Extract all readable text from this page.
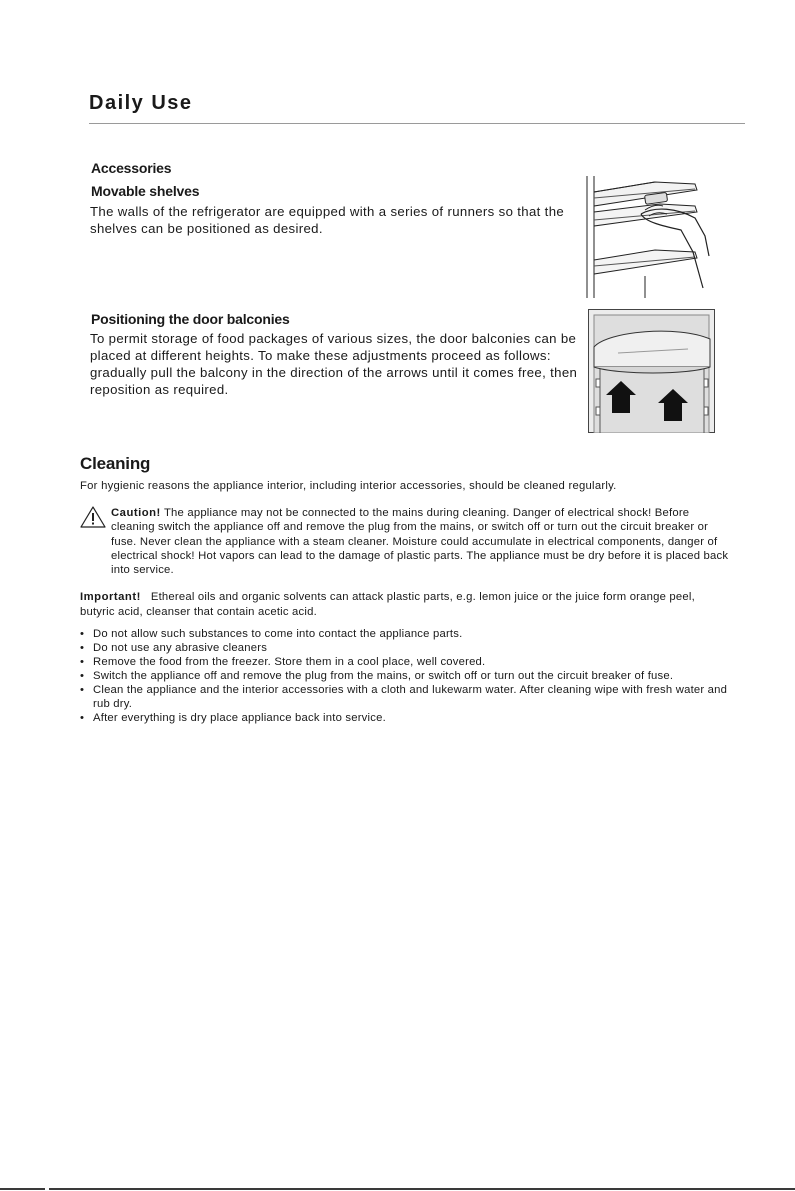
Daily Use
Accessories
Movable shelves

The walls of the refrigerator are equipped with a series of runners so that the shelves can be positioned as desired.

Positioning the door balconies

To permit storage of food packages of various sizes, the door balconies can be placed at different heights. To make these adjustments proceed as follows: gradually pull the balcony in the direction of the arrows until it comes free, then reposition as required.

Cleaning

For hygienic reasons the appliance interior, including interior accessories, should be cleaned regularly.

Caution! The appliance may not be connected to the mains during cleaning. Danger of electrical shock! Before cleaning switch the appliance off and remove the plug from the mains, or switch off or turn out the circuit breaker or fuse. Never clean the appliance with a steam cleaner. Moisture could accumulate in electrical components, danger of electrical shock! Hot vapors can lead to the damage of plastic parts. The appliance must be dry before it is placed back into service.

Important! Ethereal oils and organic solvents can attack plastic parts, e.g. lemon juice or the juice form orange peel, butyric acid, cleanser that contain acetic acid.

• Do not allow such substances to come into contact the appliance parts.
• Do not use any abrasive cleaners
• Remove the food from the freezer. Store them in a cool place, well covered.
• Switch the appliance off and remove the plug from the mains, or switch off or turn out the circuit breaker of fuse.
• Clean the appliance and the interior accessories with a cloth and lukewarm water. After cleaning wipe with fresh water and rub dry.
• After everything is dry place appliance back into service.
